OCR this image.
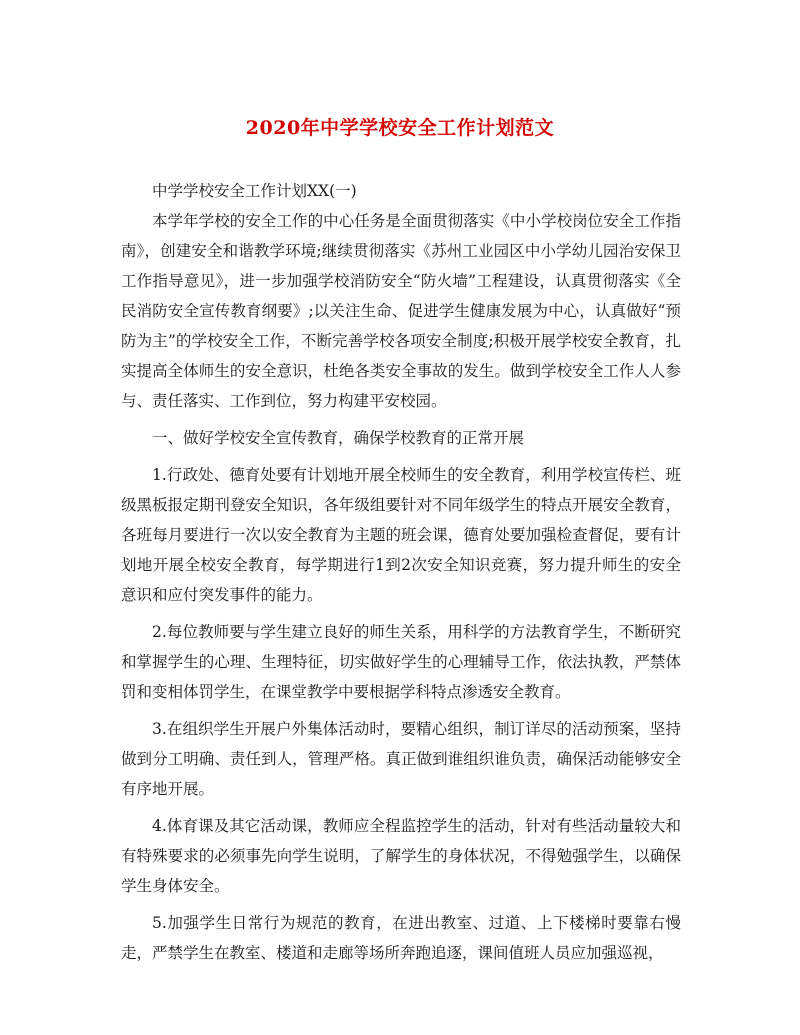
2020年中学学校安全工作计划范文

中学学校安全工作计划XX(一)

本学年学校的安全工作的中心任务是全面贯彻落实《中小学校岗位安全工作指南》，创建安全和谐教学环境;继续贯彻落实《苏州工业园区中小学幼儿园治安保卫工作指导意见》，进一步加强学校消防安全“防火墙”工程建设，认真贯彻落实《全民消防安全宣传教育纲要》;以关注生命、促进学生健康发展为中心，认真做好“预防为主”的学校安全工作，不断完善学校各项安全制度;积极开展学校安全教育，扎实提高全体师生的安全意识，杜绝各类安全事故的发生。做到学校安全工作人人参与、责任落实、工作到位，努力构建平安校园。

一、做好学校安全宣传教育，确保学校教育的正常开展

1.行政处、德育处要有计划地开展全校师生的安全教育，利用学校宣传栏、班级黑板报定期刊登安全知识，各年级组要针对不同年级学生的特点开展安全教育，各班每月要进行一次以安全教育为主题的班会课，德育处要加强检查督促，要有计划地开展全校安全教育，每学期进行1到2次安全知识竞赛，努力提升师生的安全意识和应付突发事件的能力。

2.每位教师要与学生建立良好的师生关系，用科学的方法教育学生，不断研究和掌握学生的心理、生理特征，切实做好学生的心理辅导工作，依法执教，严禁体罚和变相体罚学生，在课堂教学中要根据学科特点渗透安全教育。

3.在组织学生开展户外集体活动时，要精心组织，制订详尽的活动预案，坚持做到分工明确、责任到人，管理严格。真正做到谁组织谁负责，确保活动能够安全有序地开展。

4.体育课及其它活动课，教师应全程监控学生的活动，针对有些活动量较大和有特殊要求的必须事先向学生说明，了解学生的身体状况，不得勉强学生，以确保学生身体安全。

5.加强学生日常行为规范的教育，在进出教室、过道、上下楼梯时要靠右慢走，严禁学生在教室、楼道和走廊等场所奔跑追逐，课间值班人员应加强巡视，
